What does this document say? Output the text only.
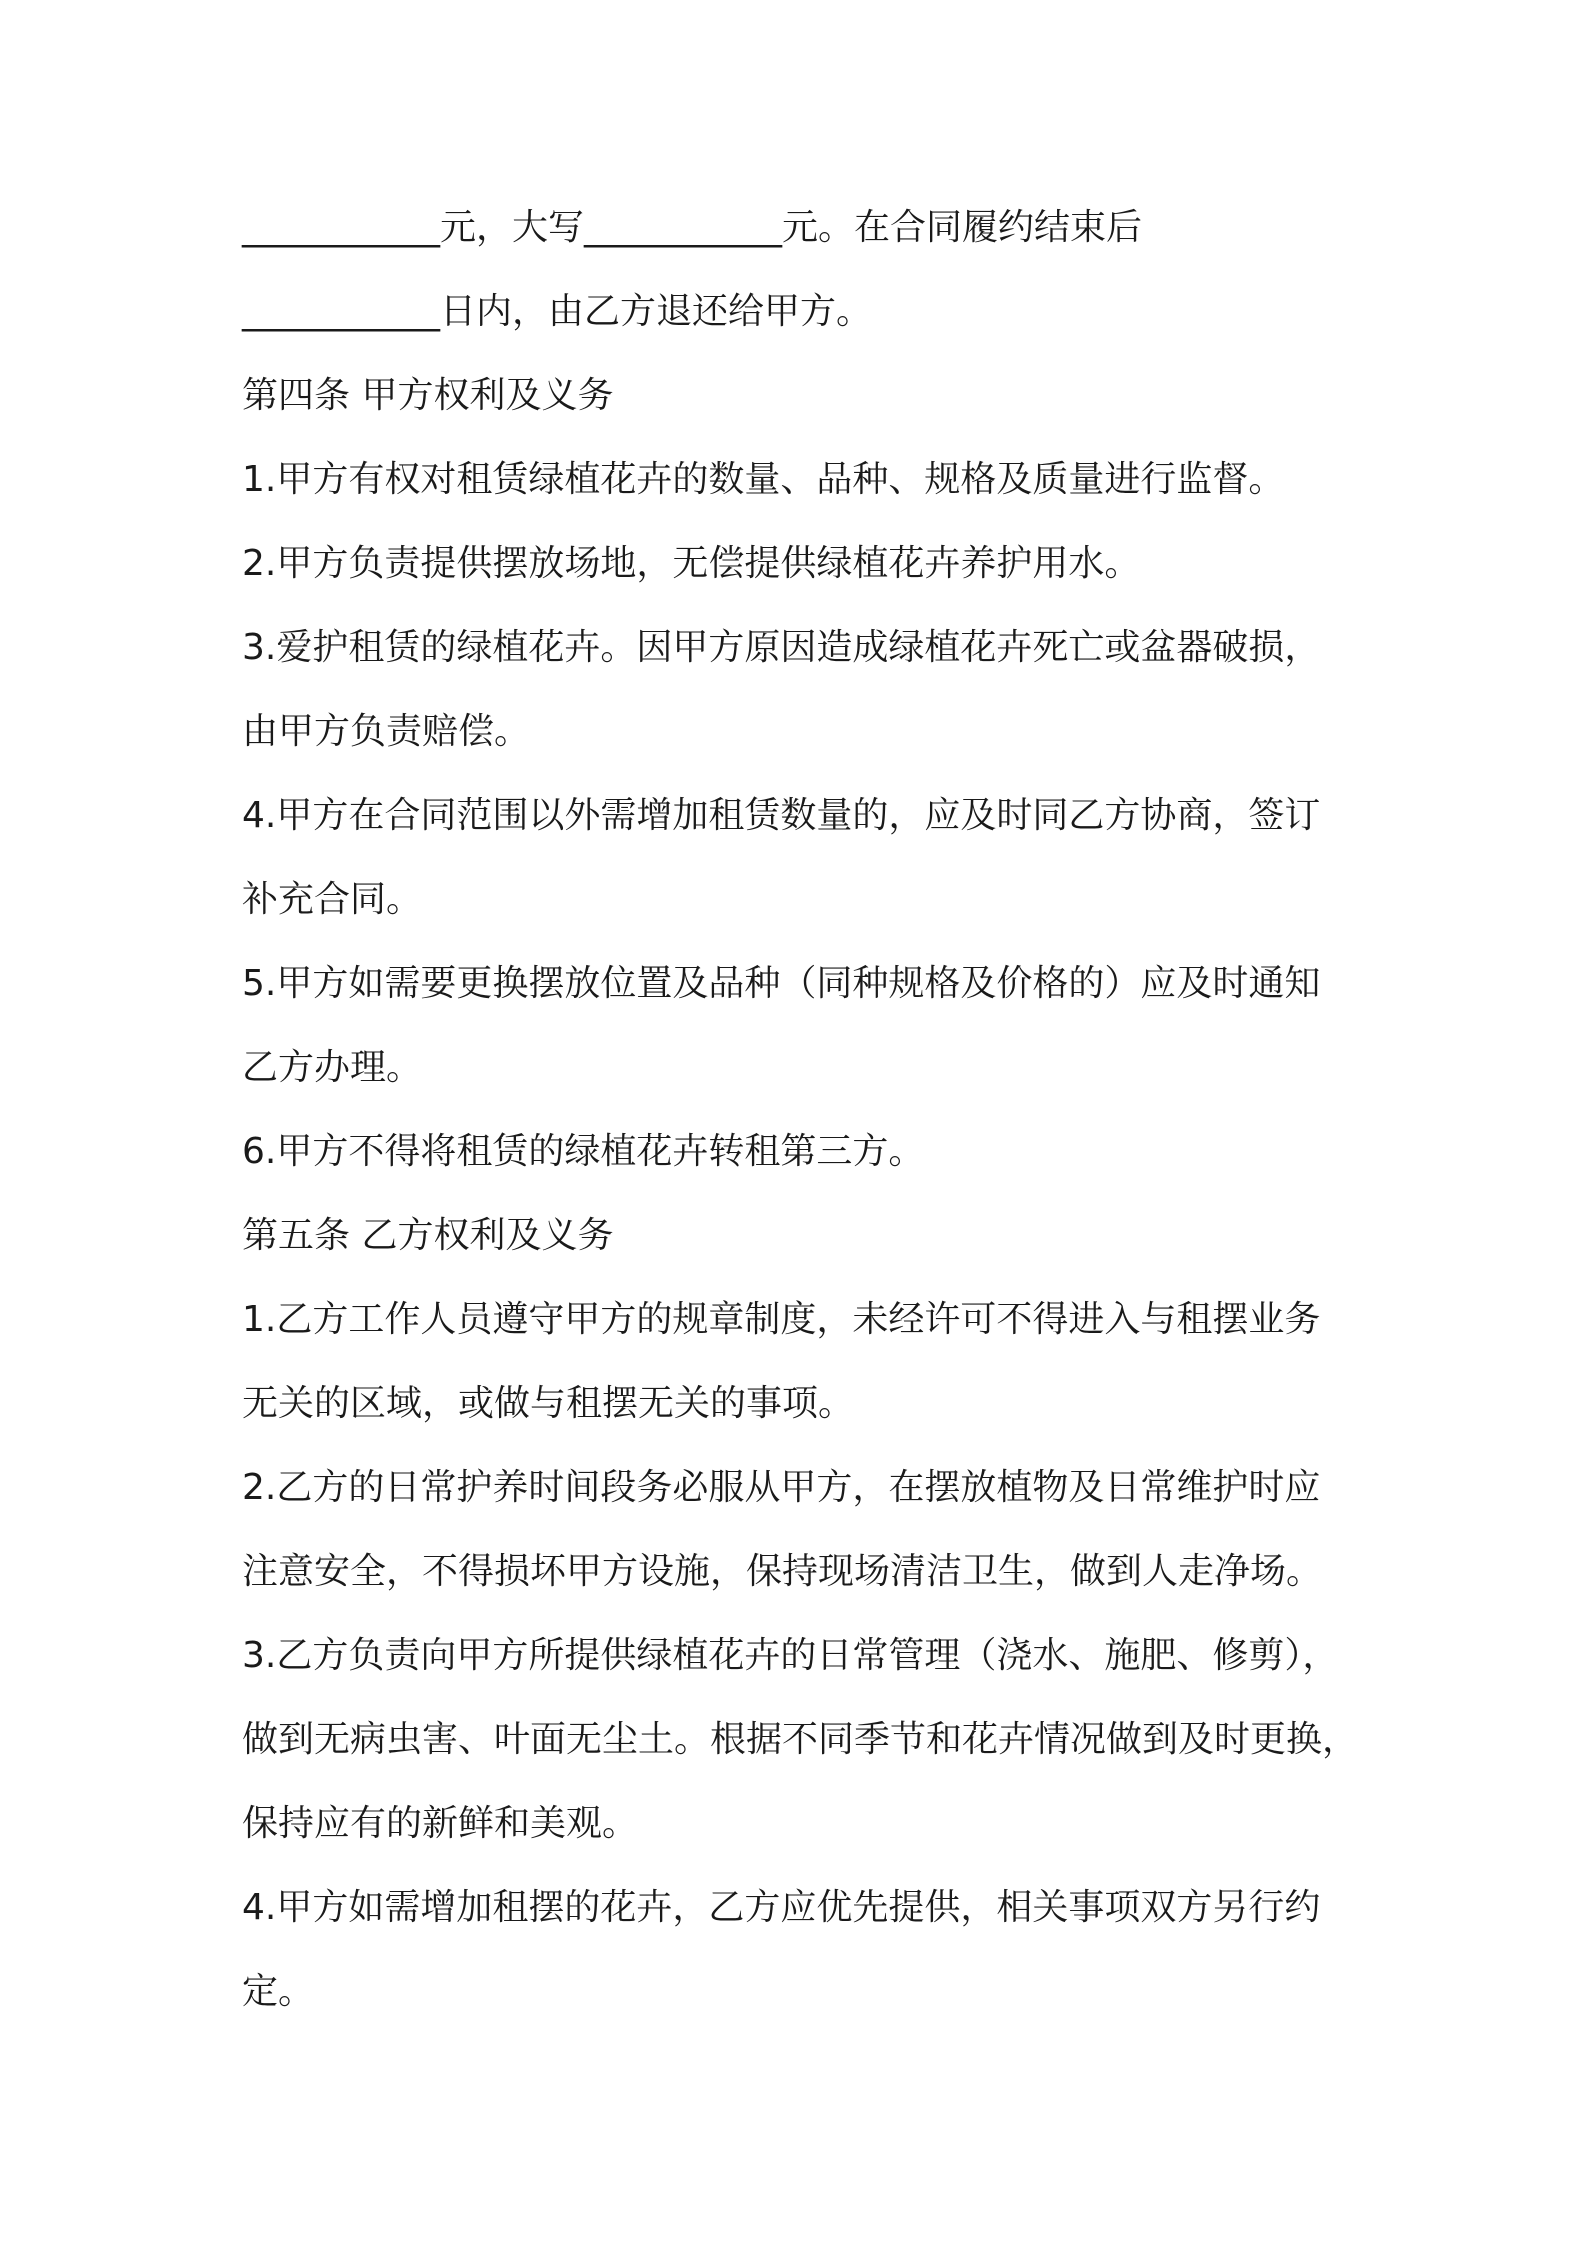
___________元，大写___________元。在合同履约结束后

___________日内，由乙方退还给甲方。

第四条 甲方权利及义务

1.甲方有权对租赁绿植花卉的数量、品种、规格及质量进行监督。

2.甲方负责提供摆放场地，无偿提供绿植花卉养护用水。

3.爱护租赁的绿植花卉。因甲方原因造成绿植花卉死亡或盆器破损，

由甲方负责赔偿。

4.甲方在合同范围以外需增加租赁数量的，应及时同乙方协商，签订

补充合同。

5.甲方如需要更换摆放位置及品种（同种规格及价格的）应及时通知

乙方办理。

6.甲方不得将租赁的绿植花卉转租第三方。

第五条 乙方权利及义务

1.乙方工作人员遵守甲方的规章制度，未经许可不得进入与租摆业务

无关的区域，或做与租摆无关的事项。

2.乙方的日常护养时间段务必服从甲方，在摆放植物及日常维护时应

注意安全，不得损坏甲方设施，保持现场清洁卫生，做到人走净场。

3.乙方负责向甲方所提供绿植花卉的日常管理（浇水、施肥、修剪），

做到无病虫害、叶面无尘土。根据不同季节和花卉情况做到及时更换，

保持应有的新鲜和美观。

4.甲方如需增加租摆的花卉，乙方应优先提供，相关事项双方另行约

定。
